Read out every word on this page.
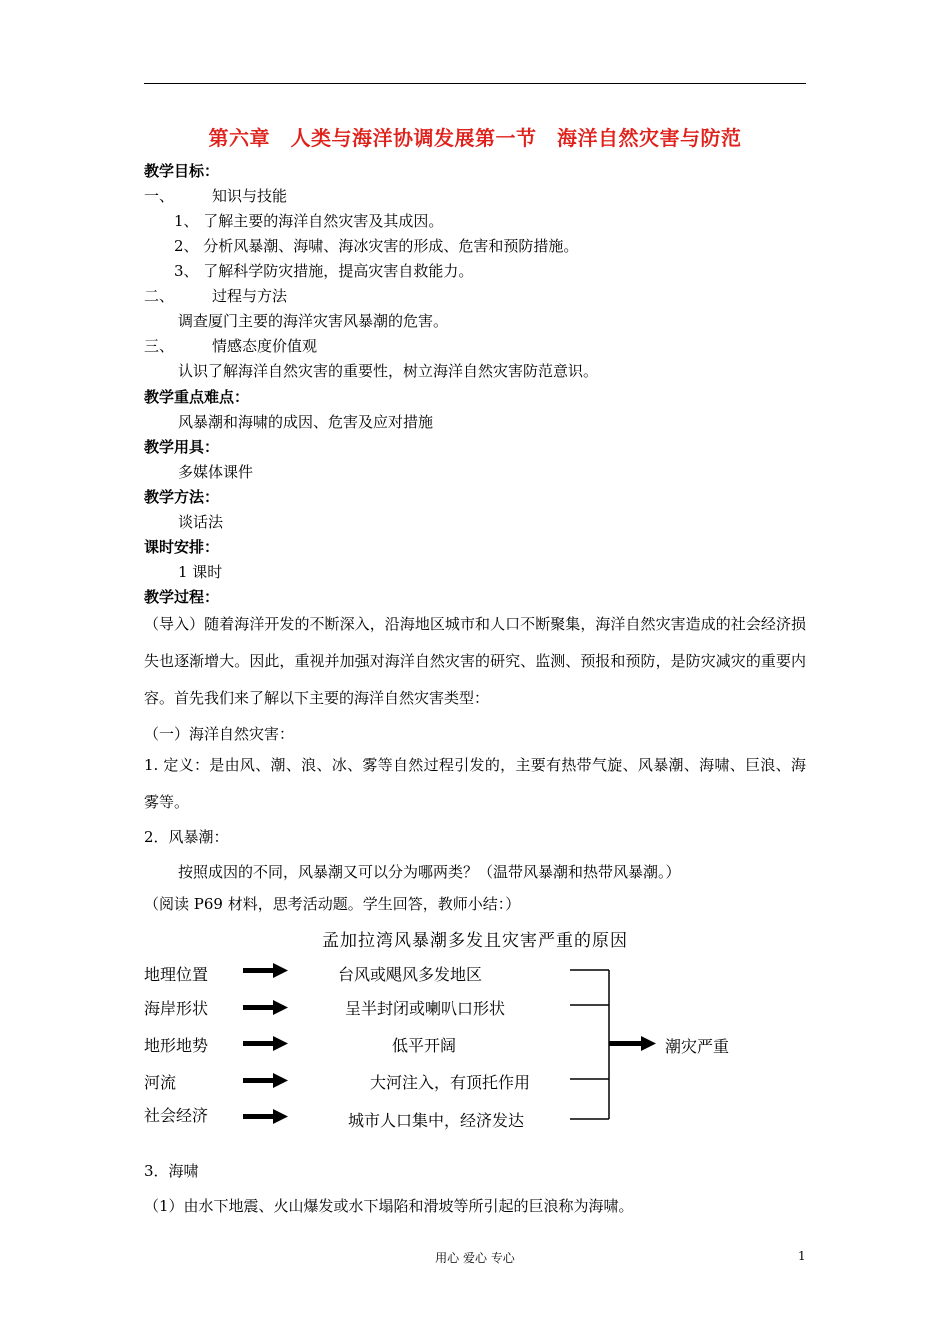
第六章　人类与海洋协调发展第一节　海洋自然灾害与防范
教学目标：
一、	知识与技能
1、 了解主要的海洋自然灾害及其成因。
2、 分析风暴潮、海啸、海冰灾害的形成、危害和预防措施。
3、 了解科学防灾措施，提高灾害自救能力。
二、	过程与方法
调查厦门主要的海洋灾害风暴潮的危害。
三、	情感态度价值观
认识了解海洋自然灾害的重要性，树立海洋自然灾害防范意识。
教学重点难点：
风暴潮和海啸的成因、危害及应对措施
教学用具：
多媒体课件
教学方法：
谈话法
课时安排：
1 课时
教学过程：
（导入）随着海洋开发的不断深入，沿海地区城市和人口不断聚集，海洋自然灾害造成的社会经济损失也逐渐增大。因此，重视并加强对海洋自然灾害的研究、监测、预报和预防，是防灾减灾的重要内容。首先我们来了解以下主要的海洋自然灾害类型：
（一）海洋自然灾害：
1. 定义：是由风、潮、浪、冰、雾等自然过程引发的，主要有热带气旋、风暴潮、海啸、巨浪、海雾等。
2．风暴潮：
按照成因的不同，风暴潮又可以分为哪两类？（温带风暴潮和热带风暴潮。）
（阅读 P69 材料，思考活动题。学生回答，教师小结：）
孟加拉湾风暴潮多发且灾害严重的原因
地理位置
海岸形状
地形地势
河流
社会经济
台风或飓风多发地区
呈半封闭或喇叭口形状
低平开阔
大河注入，有顶托作用
城市人口集中，经济发达
潮灾严重
3．海啸
（1）由水下地震、火山爆发或水下塌陷和滑坡等所引起的巨浪称为海啸。
用心 爱心 专心	1
